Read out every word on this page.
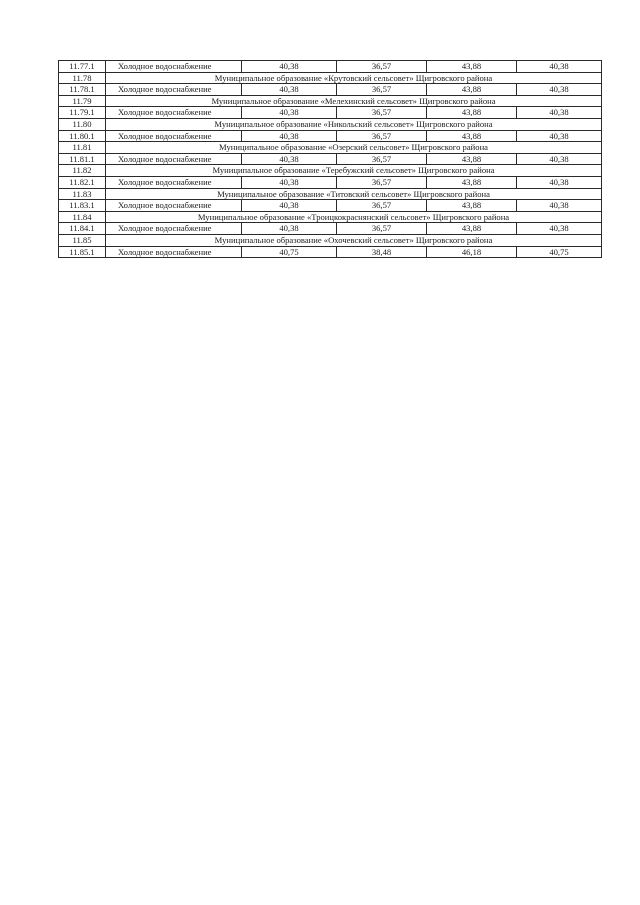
11.77.1	Холодное водоснабжение	40,38	36,57	43,88	40,38
11.78	Муниципальное образование «Крутовский сельсовет» Щигровского района				
11.78.1	Холодное водоснабжение	40,38	36,57	43,88	40,38
11.79	Муниципальное образование «Мелехинский сельсовет» Щигровского района				
11.79.1	Холодное водоснабжение	40,38	36,57	43,88	40,38
11.80	Муниципальное образование «Никольский сельсовет» Щигровского района				
11.80.1	Холодное водоснабжение	40,38	36,57	43,88	40,38
11.81	Муниципальное образование «Озерский сельсовет» Щигровского района				
11.81.1	Холодное водоснабжение	40,38	36,57	43,88	40,38
11.82	Муниципальное образование «Теребужский сельсовет» Щигровского района				
11.82.1	Холодное водоснабжение	40,38	36,57	43,88	40,38
11.83	Муниципальное образование «Титовский сельсовет» Щигровского района				
11.83.1	Холодное водоснабжение	40,38	36,57	43,88	40,38
11.84	Муниципальное образование «Троицкокраснянский сельсовет» Щигровского района				
11.84.1	Холодное водоснабжение	40,38	36,57	43,88	40,38
11.85	Муниципальное образование «Охочевский сельсовет» Щигровского района				
11.85.1	Холодное водоснабжение	40,75	38,48	46,18	40,75
